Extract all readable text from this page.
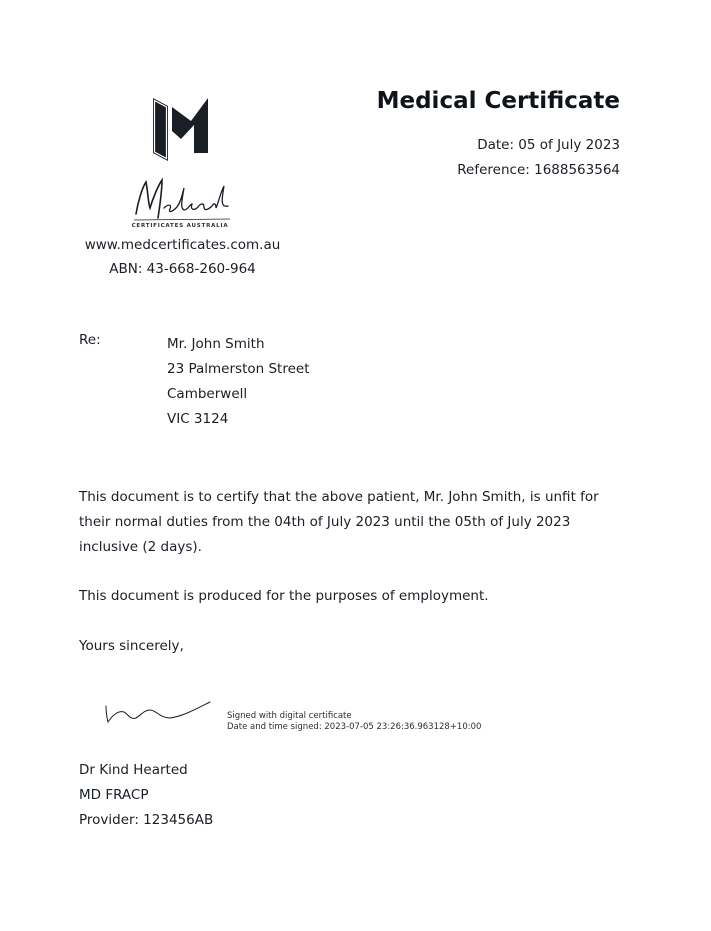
CERTIFICATES AUSTRALIA
www.medcertificates.com.au
ABN: 43-668-260-964
Medical Certificate
Date: 05 of July 2023
Reference: 1688563564
Re:	Mr. John Smith
23 Palmerston Street
Camberwell
VIC 3124
This document is to certify that the above patient, Mr. John Smith, is unfit for their normal duties from the 04th of July 2023 until the 05th of July 2023 inclusive (2 days).
This document is produced for the purposes of employment.
Yours sincerely,
Signed with digital certificate
Date and time signed: 2023-07-05 23:26:36.963128+10:00
Dr Kind Hearted
MD FRACP
Provider: 123456AB
